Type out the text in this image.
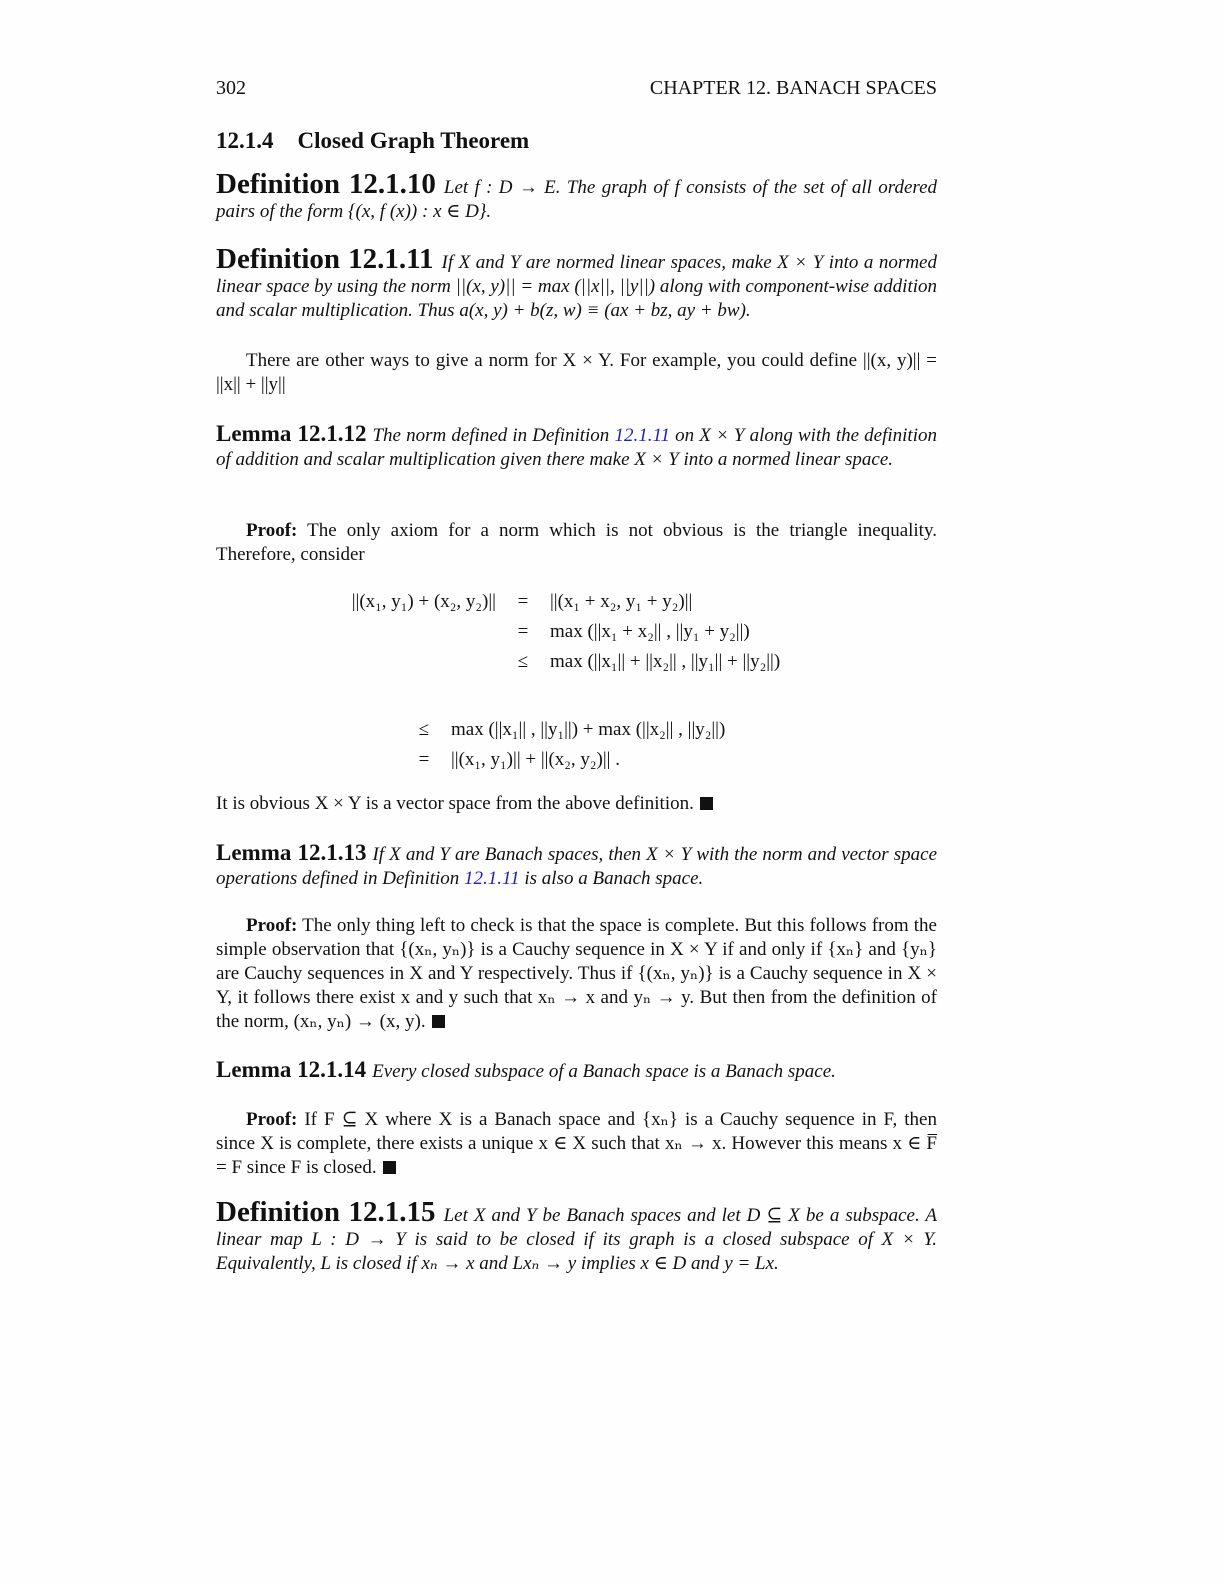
302	CHAPTER 12. BANACH SPACES
12.1.4 Closed Graph Theorem
Definition 12.1.10 Let f : D → E. The graph of f consists of the set of all ordered pairs of the form {(x, f (x)) : x ∈ D}.
Definition 12.1.11 If X and Y are normed linear spaces, make X × Y into a normed linear space by using the norm ||(x, y)|| = max (||x||, ||y||) along with component-wise addition and scalar multiplication. Thus a(x, y) + b(z, w) ≡ (ax + bz, ay + bw).
There are other ways to give a norm for X × Y. For example, you could define ||(x, y)|| = ||x|| + ||y||
Lemma 12.1.12 The norm defined in Definition 12.1.11 on X × Y along with the definition of addition and scalar multiplication given there make X × Y into a normed linear space.
Proof: The only axiom for a norm which is not obvious is the triangle inequality. Therefore, consider
||(x₁, y₁) + (x₂, y₂)||	=	||(x₁ + x₂, y₁ + y₂)||
=	max (||x₁ + x₂|| , ||y₁ + y₂||)
≤	max (||x₁|| + ||x₂|| , ||y₁|| + ||y₂||)
≤	max (||x₁|| , ||y₁||) + max (||x₂|| , ||y₂||)
=	||(x₁, y₁)|| + ||(x₂, y₂)|| .
It is obvious X × Y is a vector space from the above definition.
Lemma 12.1.13 If X and Y are Banach spaces, then X × Y with the norm and vector space operations defined in Definition 12.1.11 is also a Banach space.
Proof: The only thing left to check is that the space is complete. But this follows from the simple observation that {(xₙ, yₙ)} is a Cauchy sequence in X × Y if and only if {xₙ} and {yₙ} are Cauchy sequences in X and Y respectively. Thus if {(xₙ, yₙ)} is a Cauchy sequence in X × Y, it follows there exist x and y such that xₙ → x and yₙ → y. But then from the definition of the norm, (xₙ, yₙ) → (x, y).
Lemma 12.1.14 Every closed subspace of a Banach space is a Banach space.
Proof: If F ⊆ X where X is a Banach space and {xₙ} is a Cauchy sequence in F, then since X is complete, there exists a unique x ∈ X such that xₙ → x. However this means x ∈ F̅ = F since F is closed.
Definition 12.1.15 Let X and Y be Banach spaces and let D ⊆ X be a subspace. A linear map L : D → Y is said to be closed if its graph is a closed subspace of X × Y. Equivalently, L is closed if xₙ → x and Lxₙ → y implies x ∈ D and y = Lx.
